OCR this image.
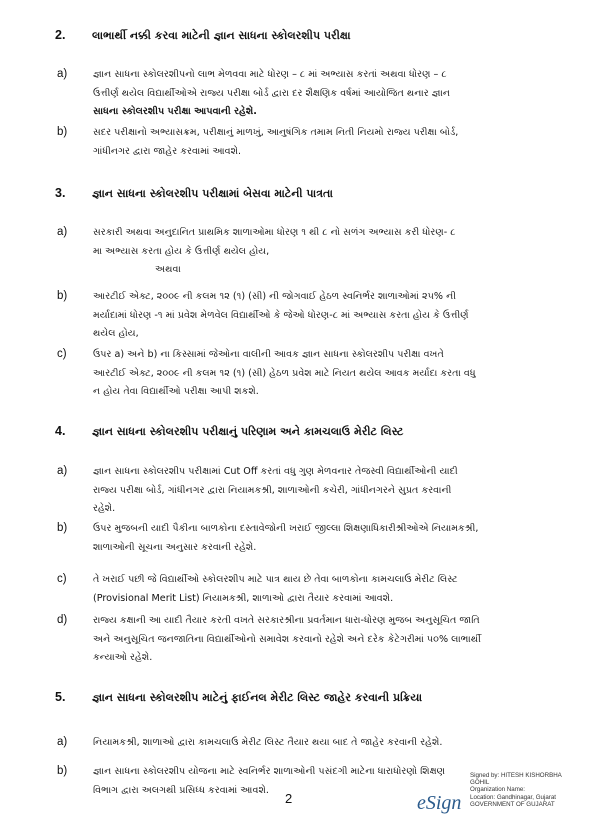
2. લાભાર્થી નક્કી કરવા માટેની જ્ઞાન સાધના સ્કોલરશીપ પરીક્ષા
a)	જ્ઞાન સાધના સ્કોલરશીપનો લાભ મેળવવા માટે ધોરણ – ૮ માં અભ્યાસ કરતાં અથવા ધોરણ – ૮
ઉત્તીર્ણ થયેલ વિદ્યાર્થીઓએ રાજ્ય પરીક્ષા બોર્ડ દ્વારા દર શૈક્ષણિક વર્ષમાં આયોજિત થનાર જ્ઞાન
સાધના સ્કોલરશીપ પરીક્ષા આપવાની રહેશે.
b)	સદર પરીક્ષાનો અભ્યાસક્રમ, પરીક્ષાનું માળખું, આનુષંગિક તમામ નિતી નિયમો રાજ્ય પરીક્ષા બોર્ડ,
ગાંધીનગર દ્વારા જાહેર કરવામાં આવશે.
3. જ્ઞાન સાધના સ્કોલરશીપ પરીક્ષામાં બેસવા માટેની પાત્રતા
a)	સરકારી અથવા અનુદાનિત પ્રાથમિક શાળાઓમા ધોરણ ૧ થી ૮ નો સળંગ અભ્યાસ કરી ધોરણ- ૮
મા અભ્યાસ કરતા હોય કે ઉત્તીર્ણ થયેલ હોય,
અથવા
b)	આરટીઈ એક્ટ, ૨૦૦૯ ની કલમ ૧૨ (૧) (સી) ની જોગવાઈ હેઠળ સ્વનિર્ભર શાળાઓમાં ૨૫% ની
મર્યાદામાં ધોરણ -૧ માં પ્રવેશ મેળવેલ વિદ્યાર્થીઓ કે જેઓ ધોરણ-૮ માં અભ્યાસ કરતા હોય કે ઉત્તીર્ણ
થયેલ હોય,
c)	ઉપર a) અને b) ના કિસ્સામાં જેઓના વાલીની આવક જ્ઞાન સાધના સ્કોલરશીપ પરીક્ષા વખતે
આરટીઈ એક્ટ, ૨૦૦૯ ની કલમ ૧૨ (૧) (સી) હેઠળ પ્રવેશ માટે નિયત થયેલ આવક મર્યાદા કરતા વધુ
ન હોય તેવા વિદ્યાર્થીઓ પરીક્ષા આપી શકશે.
4. જ્ઞાન સાધના સ્કોલરશીપ પરીક્ષાનું પરિણામ અને કામચલાઉ મેરીટ લિસ્ટ
a)	જ્ઞાન સાધના સ્કોલરશીપ પરીક્ષામાં Cut Off કરતાં વધુ ગુણ મેળવનાર તેજસ્વી વિદ્યાર્થીઓની યાદી
રાજ્ય પરીક્ષા બોર્ડ, ગાંધીનગર દ્વારા નિયામકશ્રી, શાળાઓની કચેરી, ગાંધીનગરને સુપ્રત કરવાની
રહેશે.
b)	ઉપર મુજબની યાદી પૈકીના બાળકોના દસ્તાવેજોની ખરાઈ જીલ્લા શિક્ષણાધિકારીશ્રીઓએ નિયામકશ્રી,
શાળાઓની સૂચના અનુસાર કરવાની રહેશે.
c)	તે ખરાઈ પછી જે વિદ્યાર્થીઓ સ્કોલરશીપ માટે પાત્ર થાય છે તેવા બાળકોના કામચલાઉ મેરીટ લિસ્ટ
(Provisional Merit List) નિયામકશ્રી, શાળાઓ દ્વારા તૈયાર કરવામાં આવશે.
d)	રાજ્ય કક્ષાની આ યાદી તૈયાર કરતી વખતે સરકારશ્રીના પ્રવર્તમાન ધારા-ધોરણ મુજબ અનુસૂચિત જાતિ
અને અનુસૂચિત જનજાતિના વિદ્યાર્થીઓનો સમાવેશ કરવાનો રહેશે અને દરેક કેટેગરીમાં ૫૦% લાભાર્થી
કન્યાઓ રહેશે.
5. જ્ઞાન સાધના સ્કોલરશીપ માટેનું ફાઈનલ મેરીટ લિસ્ટ જાહેર કરવાની પ્રક્રિયા
a)	નિયામકશ્રી, શાળાઓ દ્વારા કામચલાઉ મેરીટ લિસ્ટ તૈયાર થયા બાદ તે જાહેર કરવાની રહેશે.
b)	જ્ઞાન સાધના સ્કોલરશીપ યોજના માટે સ્વનિર્ભર શાળાઓની પસંદગી માટેના ધારાધોરણો શિક્ષણ
વિભાગ દ્વારા અલગથી પ્રસિધ્ધ કરવામાં આવશે.
2	eSign
Signed by: HITESH KISHORBHA
GOHIL
Organization Name:
Location: Gandhinagar, Gujarat
GOVERNMENT OF GUJARAT
